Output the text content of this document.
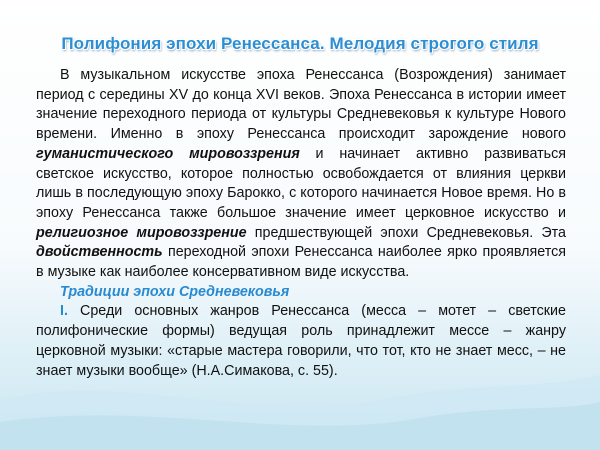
Полифония эпохи Ренессанса. Мелодия строгого стиля

В музыкальном искусстве эпоха Ренессанса (Возрождения) занимает период с середины XV до конца XVI веков. Эпоха Ренессанса в истории имеет значение переходного периода от культуры Средневековья к культуре Нового времени. Именно в эпоху Ренессанса происходит зарождение нового гуманистического мировоззрения и начинает активно развиваться светское искусство, которое полностью освобождается от влияния церкви лишь в последующую эпоху Барокко, с которого начинается Новое время. Но в эпоху Ренессанса также большое значение имеет церковное искусство и религиозное мировоззрение предшествующей эпохи Средневековья. Эта двойственность переходной эпохи Ренессанса наиболее ярко проявляется в музыке как наиболее консервативном виде искусства.

Традиции эпохи Средневековья

I. Среди основных жанров Ренессанса (месса – мотет – светские полифонические формы) ведущая роль принадлежит мессе – жанру церковной музыки: «старые мастера говорили, что тот, кто не знает месс, – не знает музыки вообще» (Н.А.Симакова, с. 55).
